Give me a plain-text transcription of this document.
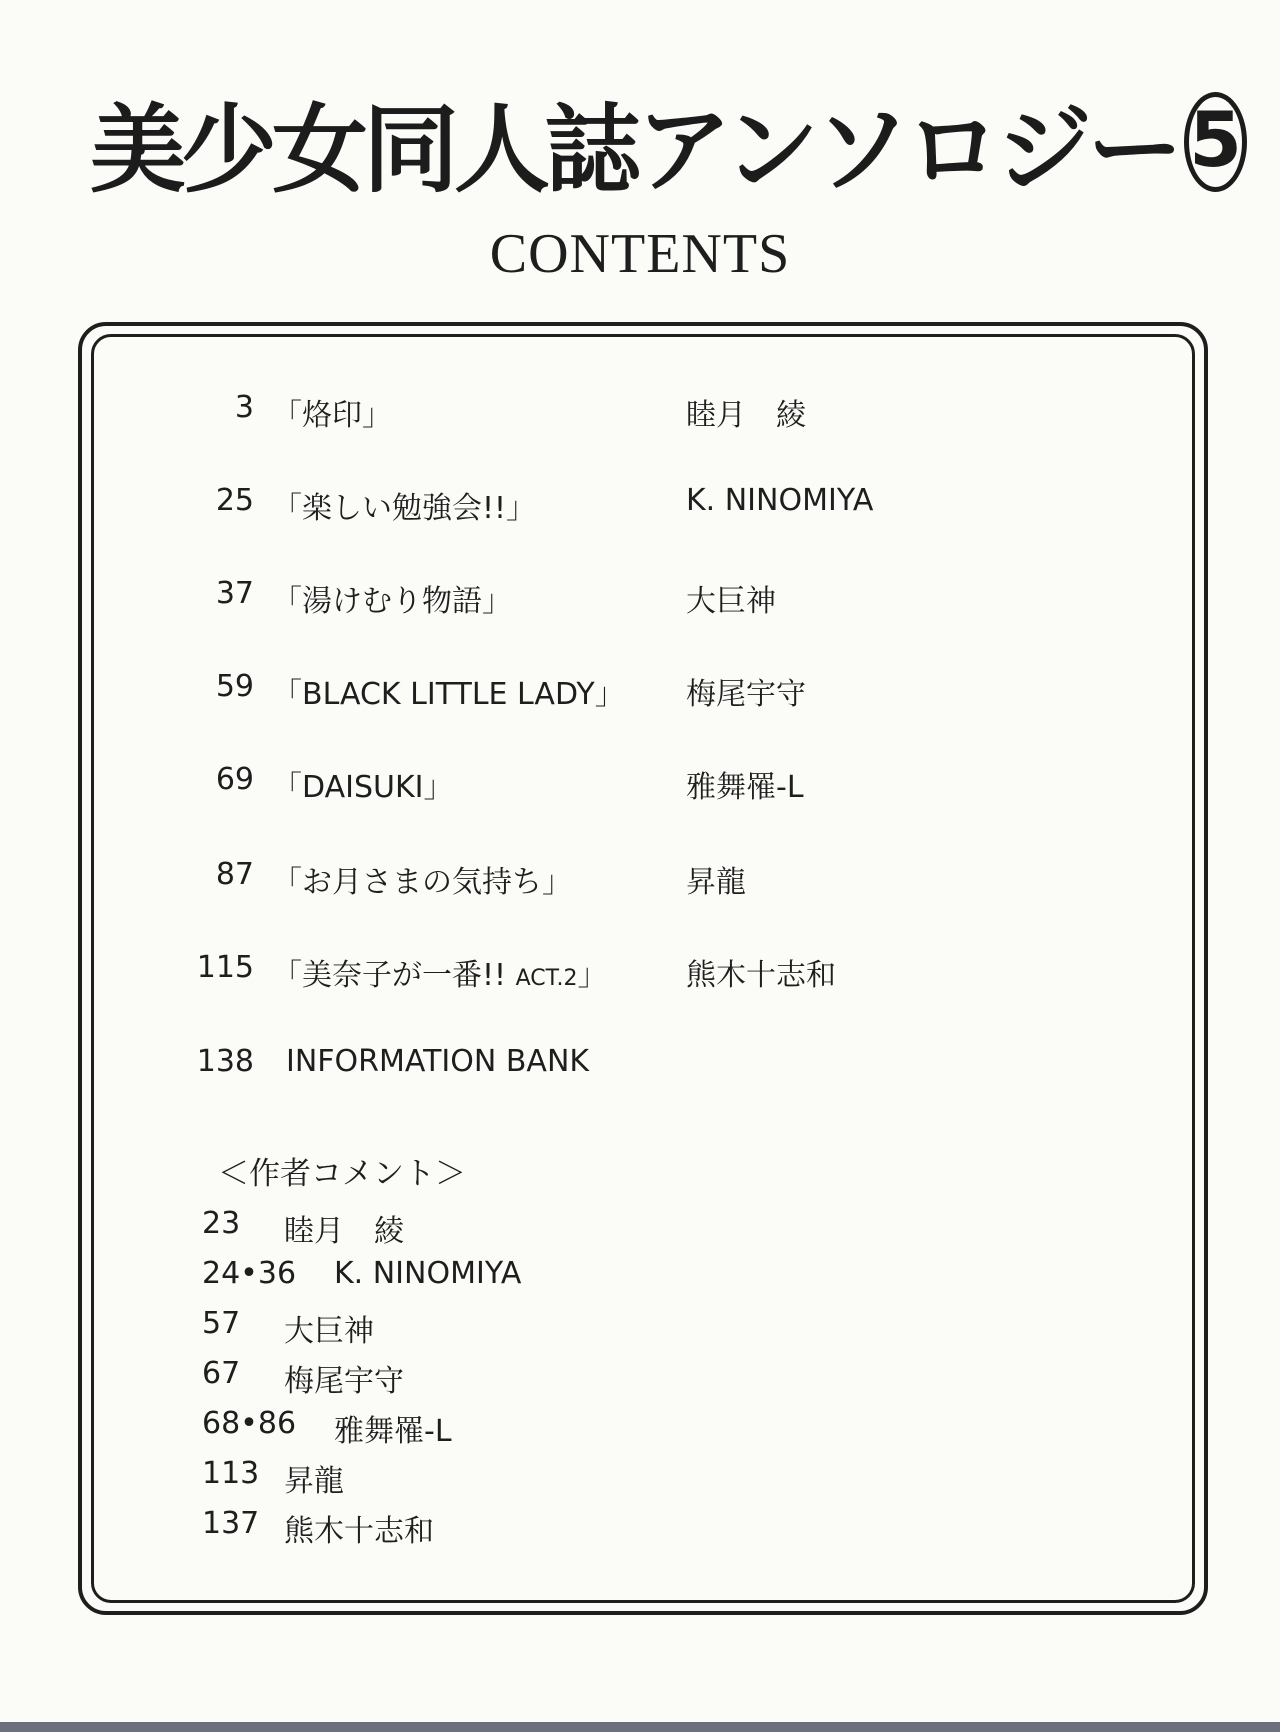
美少女同人誌アンソロジー 5
CONTENTS
3 「烙印」	睦月　綾
25 「楽しい勉強会!!」	K. NINOMIYA
37 「湯けむり物語」	大巨神
59 「BLACK LITTLE LADY」 梅尾宇守
69 「DAISUKI」	雅舞罹-L
87 「お月さまの気持ち」	昇龍
115 「美奈子が一番!! ACT.2」	熊木十志和
138 INFORMATION BANK
＜作者コメント＞
23 睦月　綾
24•36 K. NINOMIYA
57 大巨神
67 梅尾宇守
68•86 雅舞罹-L
113 昇龍
137 熊木十志和
